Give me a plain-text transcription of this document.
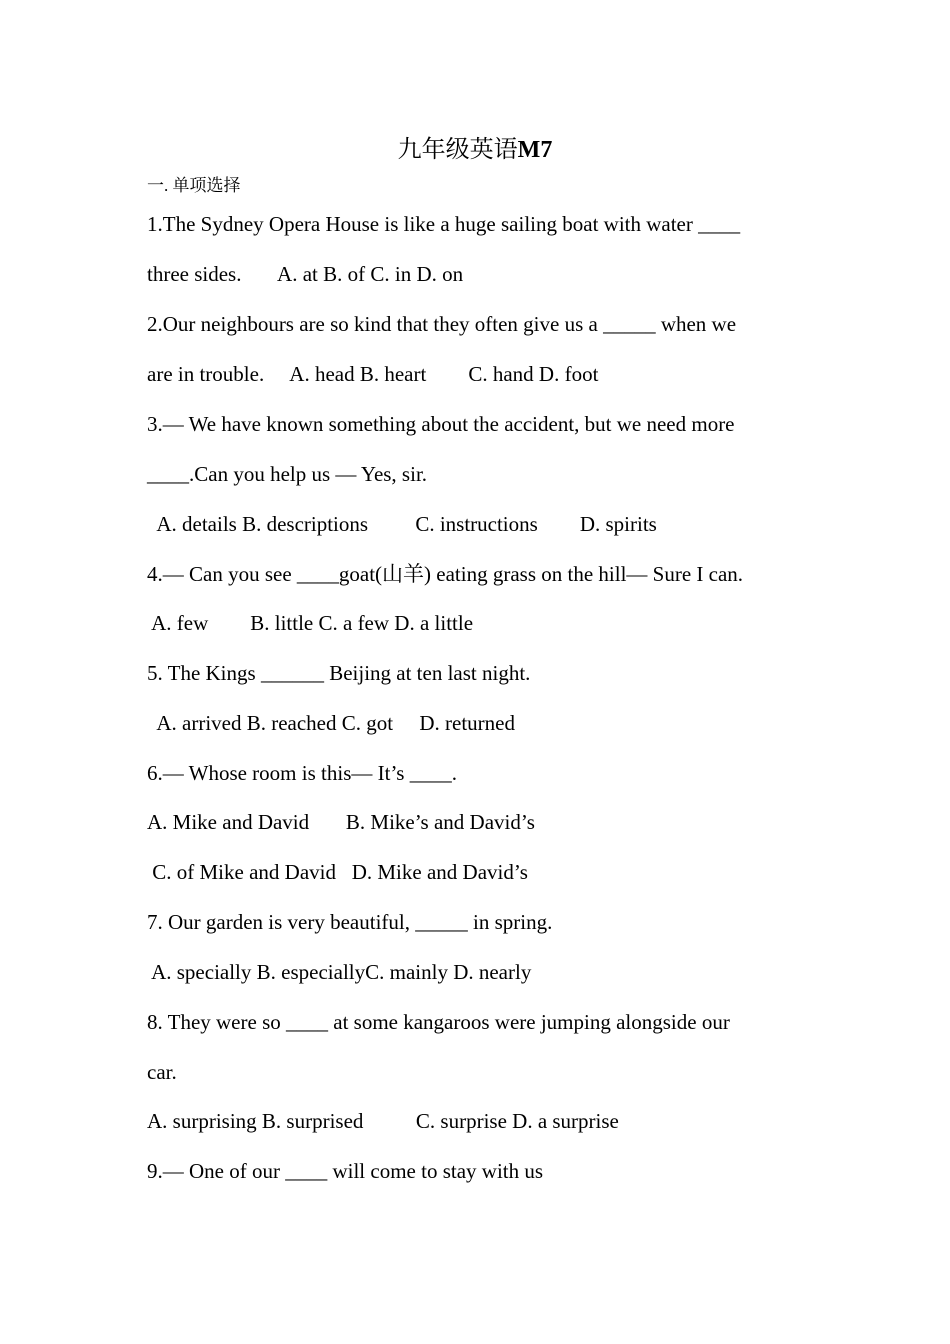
九年级英语M7
一. 单项选择
1.The Sydney Opera House is like a huge sailing boat with water ____
three sides.       A. at B. of C. in D. on
2.Our neighbours are so kind that they often give us a _____ when we
are in trouble.     A. head B. heart        C. hand D. foot
3.— We have known something about the accident, but we need more
____.Can you help us — Yes, sir.
A. details B. descriptions         C. instructions        D. spirits
4.— Can you see ____goat(山羊) eating grass on the hill— Sure I can.
A. few        B. little C. a few D. a little
5. The Kings ______ Beijing at ten last night.
A. arrived B. reached C. got     D. returned
6.— Whose room is this— It’s ____.
A. Mike and David       B. Mike’s and David’s
C. of Mike and David   D. Mike and David’s
7. Our garden is very beautiful, _____ in spring.
A. specially B. especiallyC. mainly D. nearly
8. They were so ____ at some kangaroos were jumping alongside our
car.
A. surprising B. surprised          C. surprise D. a surprise
9.— One of our ____ will come to stay with us
